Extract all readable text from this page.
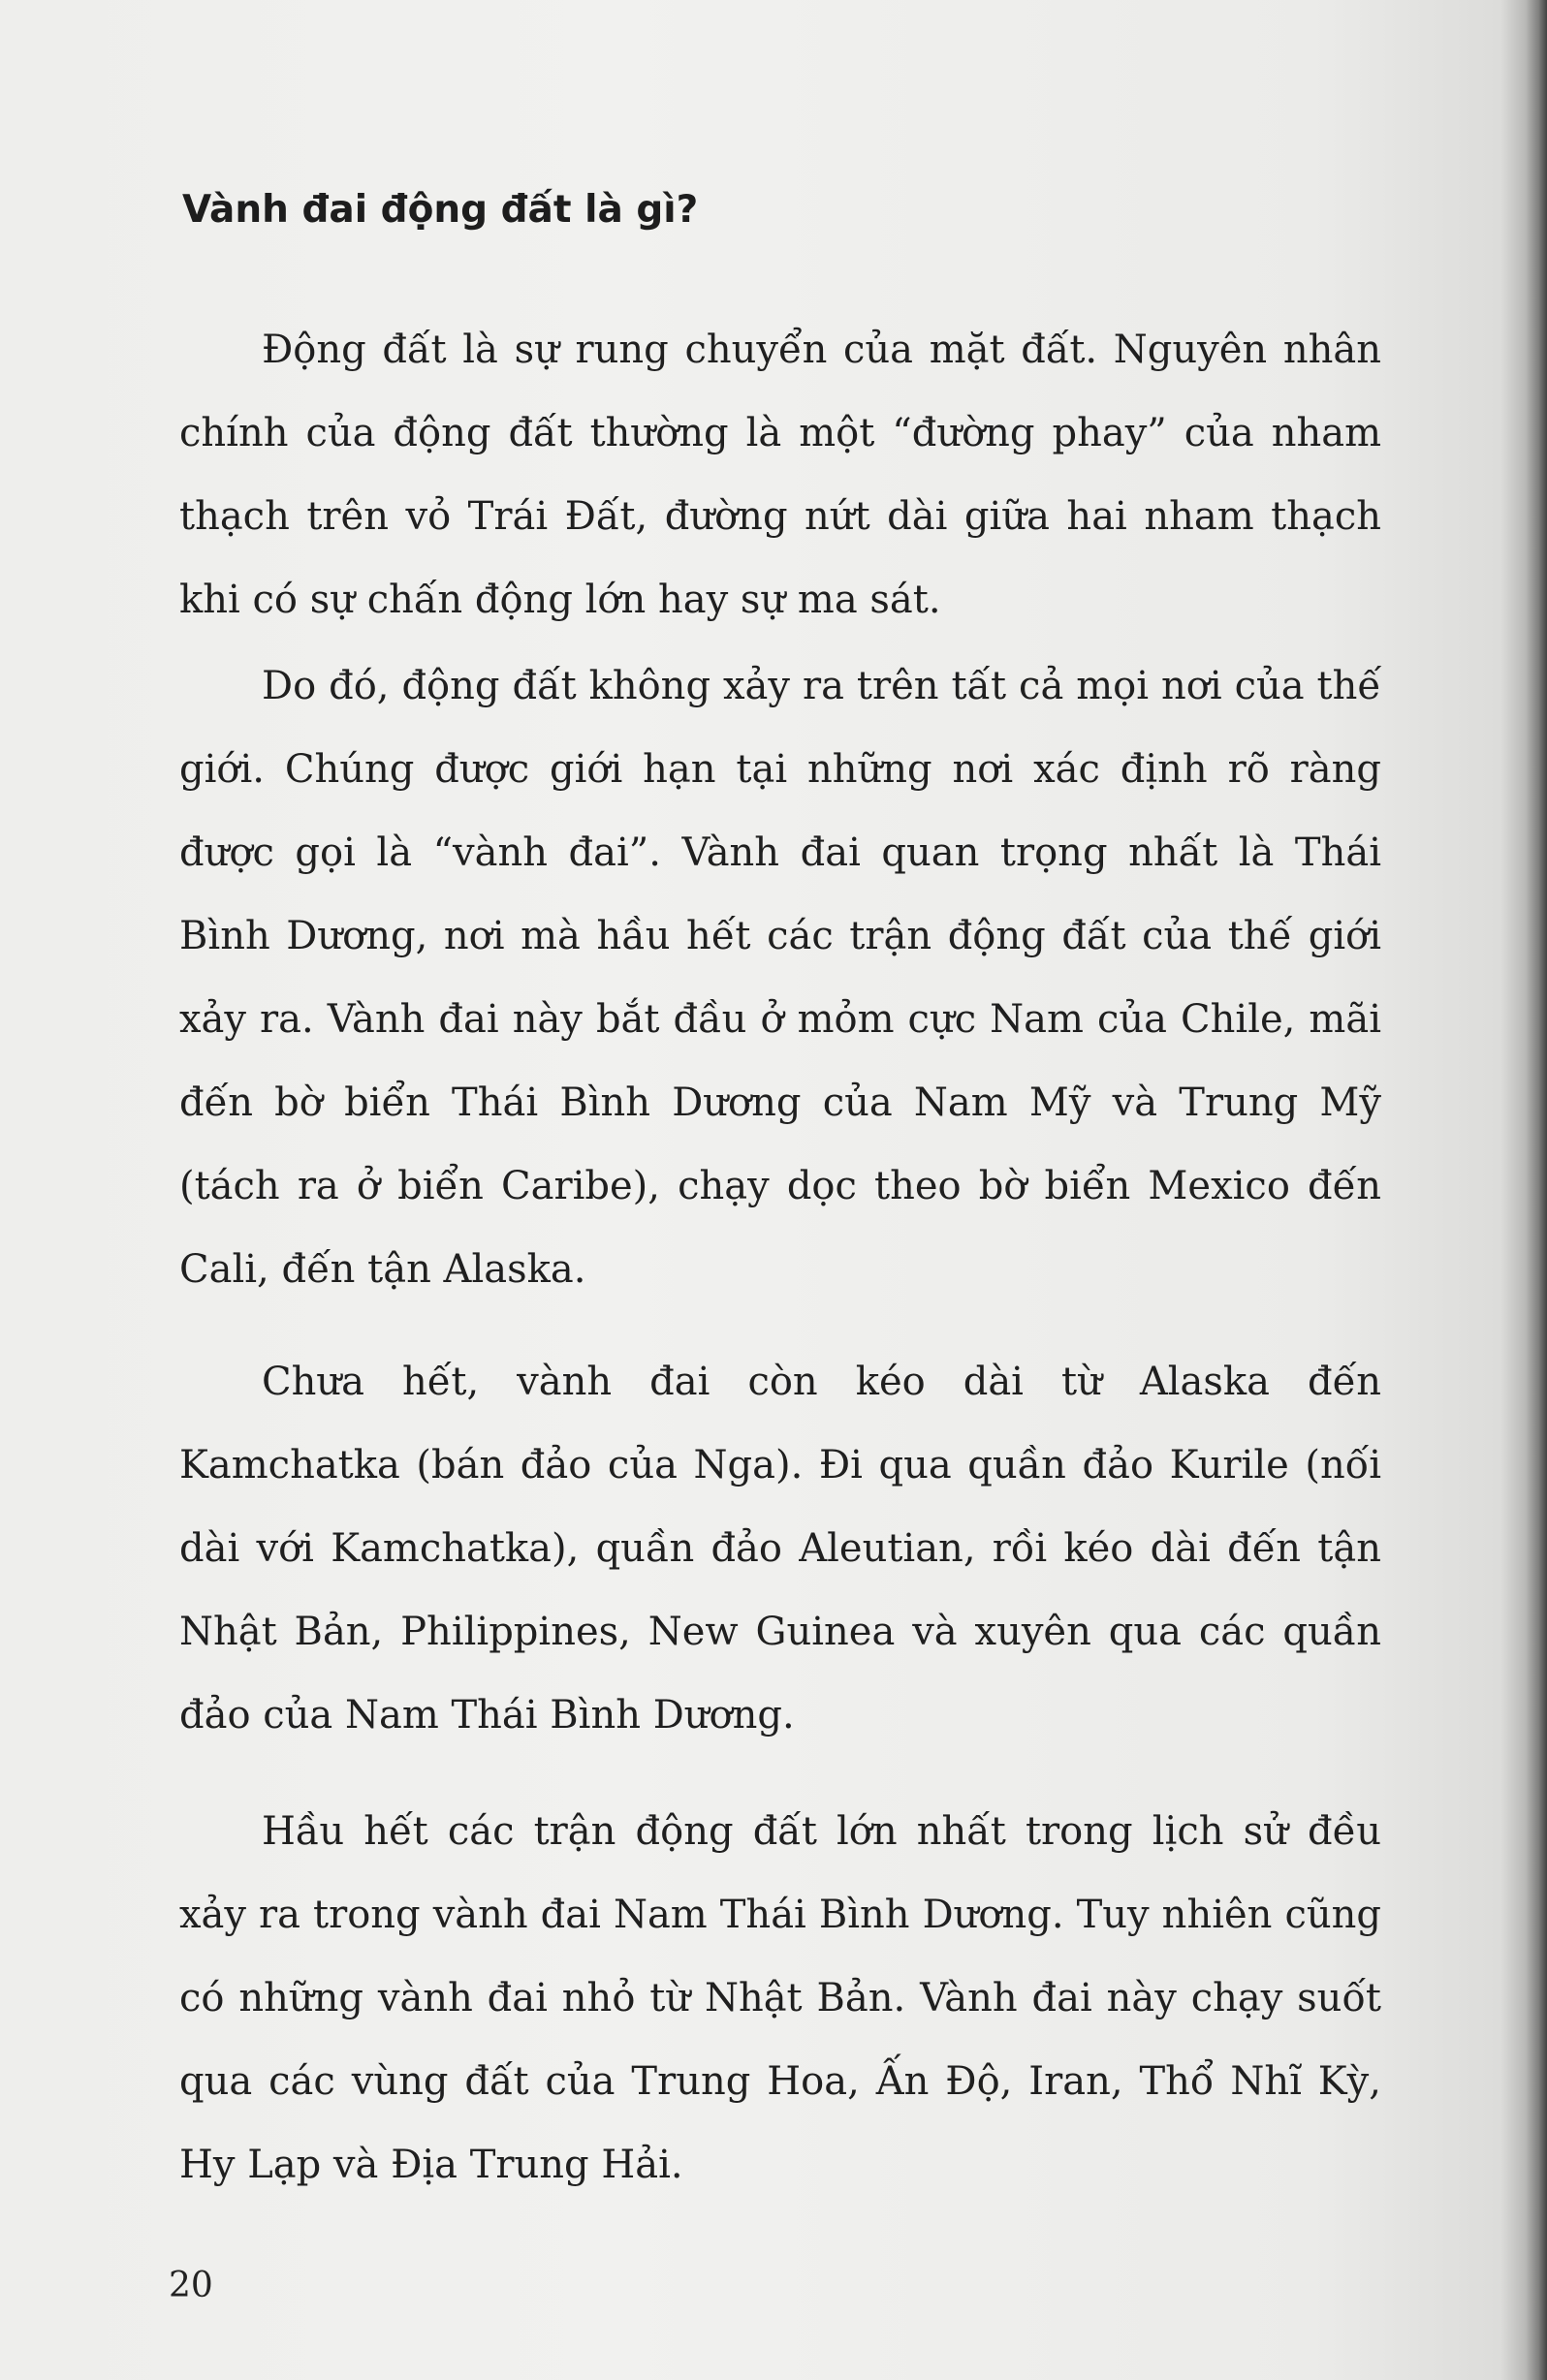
Vành đai động đất là gì?

Động đất là sự rung chuyển của mặt đất. Nguyên nhân chính của động đất thường là một “đường phay” của nham thạch trên vỏ Trái Đất, đường nứt dài giữa hai nham thạch khi có sự chấn động lớn hay sự ma sát.

Do đó, động đất không xảy ra trên tất cả mọi nơi của thế giới. Chúng được giới hạn tại những nơi xác định rõ ràng được gọi là “vành đai”. Vành đai quan trọng nhất là Thái Bình Dương, nơi mà hầu hết các trận động đất của thế giới xảy ra. Vành đai này bắt đầu ở mỏm cực Nam của Chile, mãi đến bờ biển Thái Bình Dương của Nam Mỹ và Trung Mỹ (tách ra ở biển Caribe), chạy dọc theo bờ biển Mexico đến Cali, đến tận Alaska.

Chưa hết, vành đai còn kéo dài từ Alaska đến Kamchatka (bán đảo của Nga). Đi qua quần đảo Kurile (nối dài với Kamchatka), quần đảo Aleutian, rồi kéo dài đến tận Nhật Bản, Philippines, New Guinea và xuyên qua các quần đảo của Nam Thái Bình Dương.

Hầu hết các trận động đất lớn nhất trong lịch sử đều xảy ra trong vành đai Nam Thái Bình Dương. Tuy nhiên cũng có những vành đai nhỏ từ Nhật Bản. Vành đai này chạy suốt qua các vùng đất của Trung Hoa, Ấn Độ, Iran, Thổ Nhĩ Kỳ, Hy Lạp và Địa Trung Hải.

20
